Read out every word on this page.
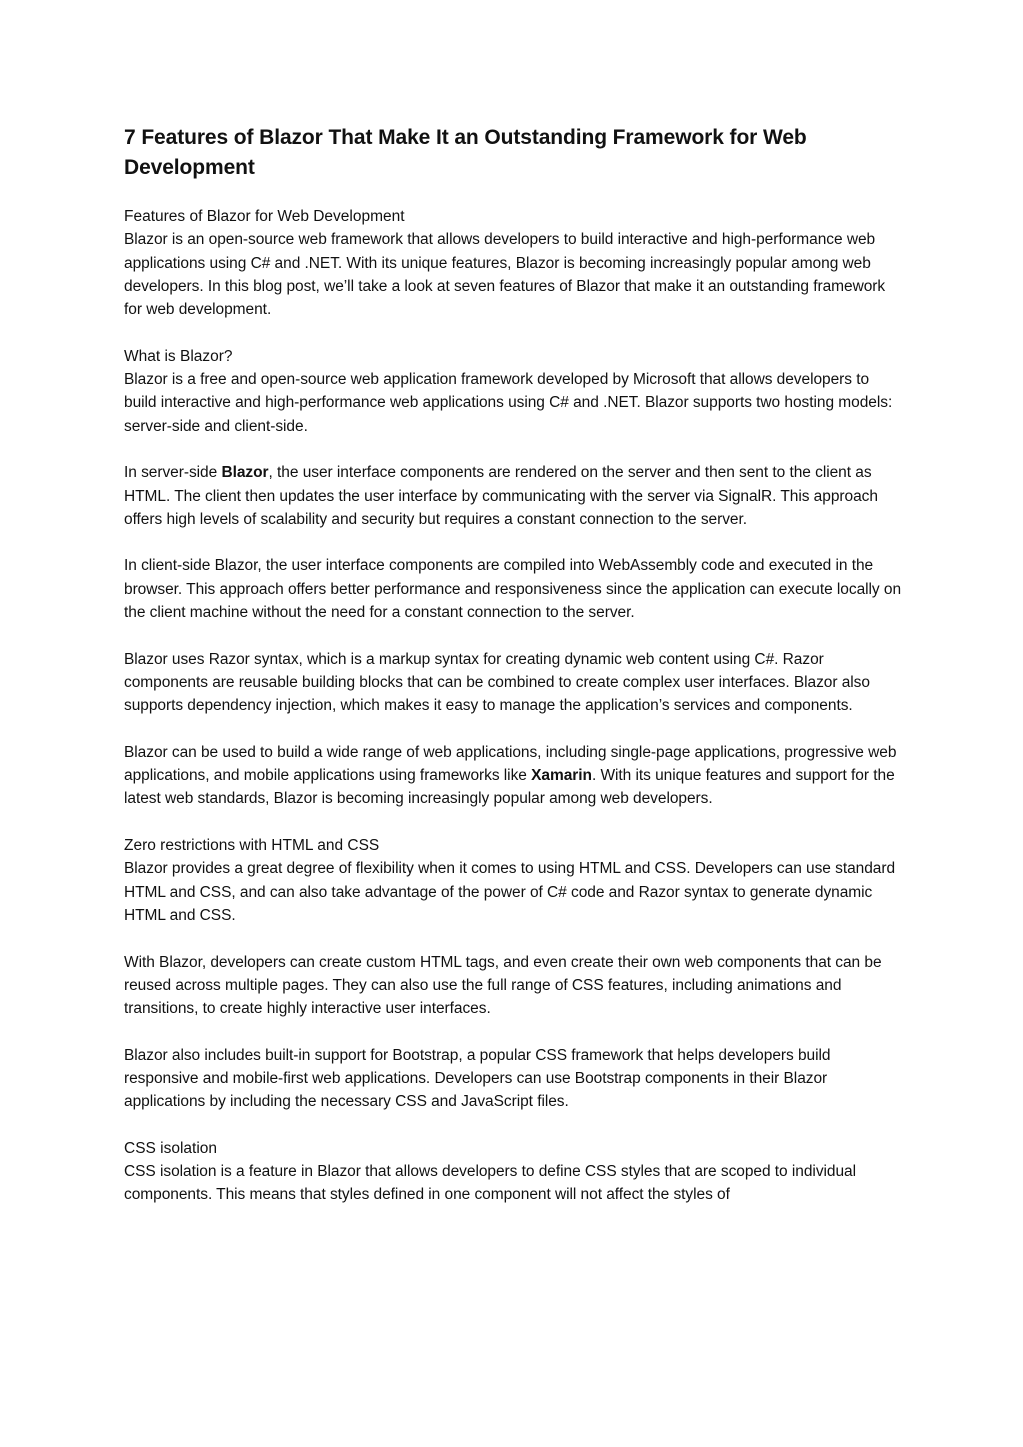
7 Features of Blazor That Make It an Outstanding Framework for Web Development

Features of Blazor for Web Development

Blazor is an open-source web framework that allows developers to build interactive and high-performance web applications using C# and .NET. With its unique features, Blazor is becoming increasingly popular among web developers. In this blog post, we’ll take a look at seven features of Blazor that make it an outstanding framework for web development.

What is Blazor?

Blazor is a free and open-source web application framework developed by Microsoft that allows developers to build interactive and high-performance web applications using C# and .NET. Blazor supports two hosting models: server-side and client-side.

In server-side Blazor, the user interface components are rendered on the server and then sent to the client as HTML. The client then updates the user interface by communicating with the server via SignalR. This approach offers high levels of scalability and security but requires a constant connection to the server.

In client-side Blazor, the user interface components are compiled into WebAssembly code and executed in the browser. This approach offers better performance and responsiveness since the application can execute locally on the client machine without the need for a constant connection to the server.

Blazor uses Razor syntax, which is a markup syntax for creating dynamic web content using C#. Razor components are reusable building blocks that can be combined to create complex user interfaces. Blazor also supports dependency injection, which makes it easy to manage the application’s services and components.

Blazor can be used to build a wide range of web applications, including single-page applications, progressive web applications, and mobile applications using frameworks like Xamarin. With its unique features and support for the latest web standards, Blazor is becoming increasingly popular among web developers.

Zero restrictions with HTML and CSS

Blazor provides a great degree of flexibility when it comes to using HTML and CSS. Developers can use standard HTML and CSS, and can also take advantage of the power of C# code and Razor syntax to generate dynamic HTML and CSS.

With Blazor, developers can create custom HTML tags, and even create their own web components that can be reused across multiple pages. They can also use the full range of CSS features, including animations and transitions, to create highly interactive user interfaces.

Blazor also includes built-in support for Bootstrap, a popular CSS framework that helps developers build responsive and mobile-first web applications. Developers can use Bootstrap components in their Blazor applications by including the necessary CSS and JavaScript files.

CSS isolation

CSS isolation is a feature in Blazor that allows developers to define CSS styles that are scoped to individual components. This means that styles defined in one component will not affect the styles of
